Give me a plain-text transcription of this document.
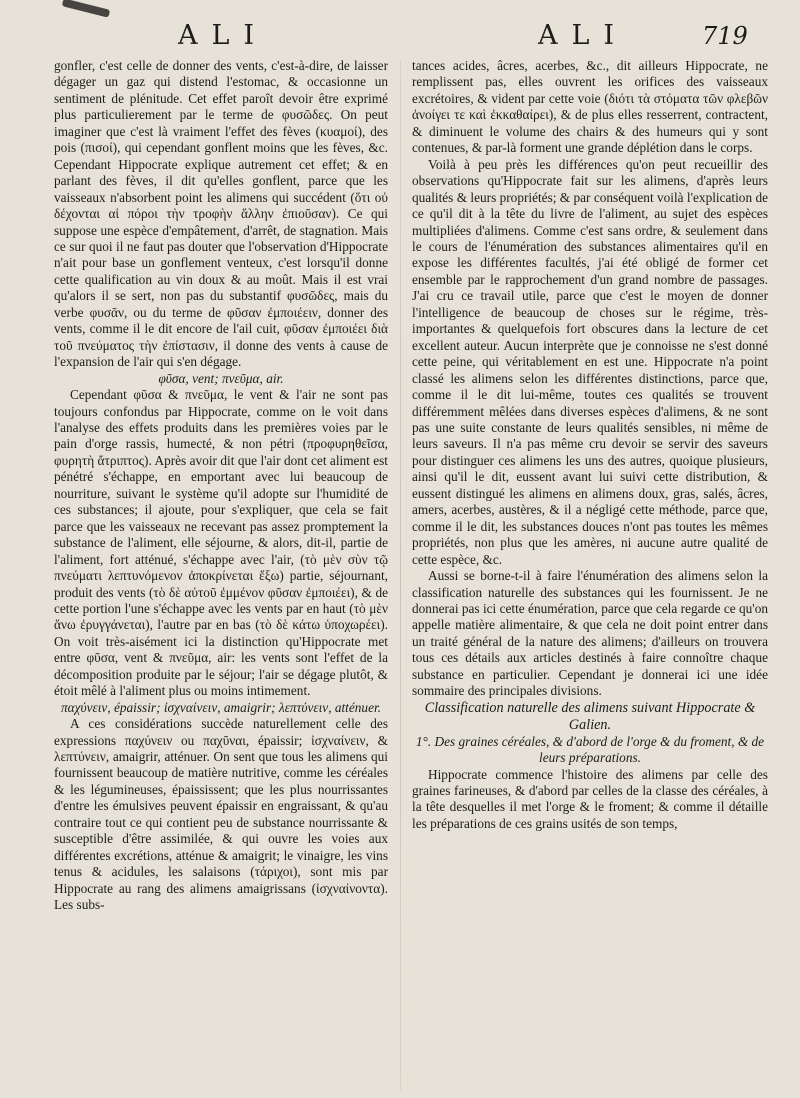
ALI	ALI	719

gonfler, c'est celle de donner des vents, c'est-à-dire, de laisser dégager un gaz qui distend l'estomac, & occasionne un sentiment de plénitude. Cet effet paroît devoir être exprimé plus particulierement par le terme de φυσῶδες. On peut imaginer que c'est là vraiment l'effet des fèves (κυαμοί), des pois (πισοί), qui cependant gonflent moins que les fèves, &c. Cependant Hippocrate explique autrement cet effet; & en parlant des fèves, il dit qu'elles gonflent, parce que les vaisseaux n'absorbent point les alimens qui succédent (ὅτι οὐ δέχονται αἱ πόροι τὴν τροφὴν ἄλλην ἐπιοῦσαν). Ce qui suppose une espèce d'empâtement, d'arrêt, de stagnation. Mais ce sur quoi il ne faut pas douter que l'observation d'Hippocrate n'ait pour base un gonflement venteux, c'est lorsqu'il donne cette qualification au vin doux & au moût. Mais il est vrai qu'alors il se sert, non pas du substantif φυσῶδες, mais du verbe φυσᾶν, ou du terme de φῦσαν ἐμποιέειν, donner des vents, comme il le dit encore de l'ail cuit, φῦσαν ἐμποιέει διὰ τοῦ πνεύματος τὴν ἐπίστασιν, il donne des vents à cause de l'expansion de l'air qui s'en dégage.

φῦσα, vent; πνεῦμα, air.

Cependant φῦσα & πνεῦμα, le vent & l'air ne sont pas toujours confondus par Hippocrate, comme on le voit dans l'analyse des effets produits dans les premières voies par le pain d'orge rassis, humecté, & non pétri (προφυρηθεῖσα, φυρητὴ ἄτριπτος). Après avoir dit que l'air dont cet aliment est pénétré s'échappe, en emportant avec lui beaucoup de nourriture, suivant le système qu'il adopte sur l'humidité de ces substances; il ajoute, pour s'expliquer, que cela se fait parce que les vaisseaux ne recevant pas assez promptement la substance de l'aliment, elle séjourne, & alors, dit-il, partie de l'aliment, fort atténué, s'échappe avec l'air, (τὸ μὲν σὺν τῷ πνεύματι λεπτυνόμενον ἀποκρίνεται ἔξω) partie, séjournant, produit des vents (τὸ δὲ αὐτοῦ ἐμμένον φῦσαν ἐμποιέει), & de cette portion l'une s'échappe avec les vents par en haut (τὸ μὲν ἄνω ἐρυγγάνεται), l'autre par en bas (τὸ δὲ κάτω ὑποχωρέει). On voit très-aisément ici la distinction qu'Hippocrate met entre φῦσα, vent & πνεῦμα, air: les vents sont l'effet de la décomposition produite par le séjour; l'air se dégage plutôt, & étoit mêlé à l'aliment plus ou moins intimement.

παχύνειν, épaissir; ἰσχναίνειν, amaigrir; λεπτύνειν, atténuer.

A ces considérations succède naturellement celle des expressions παχύνειν ou παχῦναι, épaissir; ἰσχναίνειν, & λεπτύνειν, amaigrir, atténuer. On sent que tous les alimens qui fournissent beaucoup de matière nutritive, comme les céréales & les légumineuses, épaississent; que les plus nourrissantes d'entre les émulsives peuvent épaissir en engraissant, & qu'au contraire tout ce qui contient peu de substance nourrissante & susceptible d'être assimilée, & qui ouvre les voies aux différentes excrétions, atténue & amaigrit; le vinaigre, les vins tenus & acidules, les salaisons (τάριχοι), sont mis par Hippocrate au rang des alimens amaigrissans (ἰσχναίνοντα). Les subs-

tances acides, âcres, acerbes, &c., dit ailleurs Hippocrate, ne remplissent pas, elles ouvrent les orifices des vaisseaux excrétoires, & vident par cette voie (διότι τὰ στόματα τῶν φλεβῶν ἀνοίγει τε καὶ ἐκκαθαίρει), & de plus elles resserrent, contractent, & diminuent le volume des chairs & des humeurs qui y sont contenues, & par-là forment une grande déplétion dans le corps.

Voilà à peu près les différences qu'on peut recueillir des observations qu'Hippocrate fait sur les alimens, d'après leurs qualités & leurs propriétés; & par conséquent voilà l'explication de ce qu'il dit à la tête du livre de l'aliment, au sujet des espèces multipliées d'alimens. Comme c'est sans ordre, & seulement dans le cours de l'énumération des substances alimentaires qu'il en expose les différentes facultés, j'ai été obligé de former cet ensemble par le rapprochement d'un grand nombre de passages. J'ai cru ce travail utile, parce que c'est le moyen de donner l'intelligence de beaucoup de choses sur le régime, très-importantes & quelquefois fort obscures dans la lecture de cet excellent auteur. Aucun interprète que je connoisse ne s'est donné cette peine, qui véritablement en est une. Hippocrate n'a point classé les alimens selon les différentes distinctions, parce que, comme il le dit lui-même, toutes ces qualités se trouvent différemment mêlées dans diverses espèces d'alimens, & ne sont pas une suite constante de leurs qualités sensibles, ni même de leurs saveurs. Il n'a pas même cru devoir se servir des saveurs pour distinguer ces alimens les uns des autres, quoique plusieurs, ainsi qu'il le dit, eussent avant lui suivi cette distribution, & eussent distingué les alimens en alimens doux, gras, salés, âcres, amers, acerbes, austères, & il a négligé cette méthode, parce que, comme il le dit, les substances douces n'ont pas toutes les mêmes propriétés, non plus que les amères, ni aucune autre qualité de cette espèce, &c.

Aussi se borne-t-il à faire l'énumération des alimens selon la classification naturelle des substances qui les fournissent. Je ne donnerai pas ici cette énumération, parce que cela regarde ce qu'on appelle matière alimentaire, & que cela ne doit point entrer dans un traité général de la nature des alimens; d'ailleurs on trouvera tous ces détails aux articles destinés à faire connoître chaque substance en particulier. Cependant je donnerai ici une idée sommaire des principales divisions.

Classification naturelle des alimens suivant Hippocrate & Galien.

1°. Des graines céréales, & d'abord de l'orge & du froment, & de leurs préparations.

Hippocrate commence l'histoire des alimens par celle des graines farineuses, & d'abord par celles de la classe des céréales, à la tête desquelles il met l'orge & le froment; & comme il détaille les préparations de ces grains usités de son temps,
